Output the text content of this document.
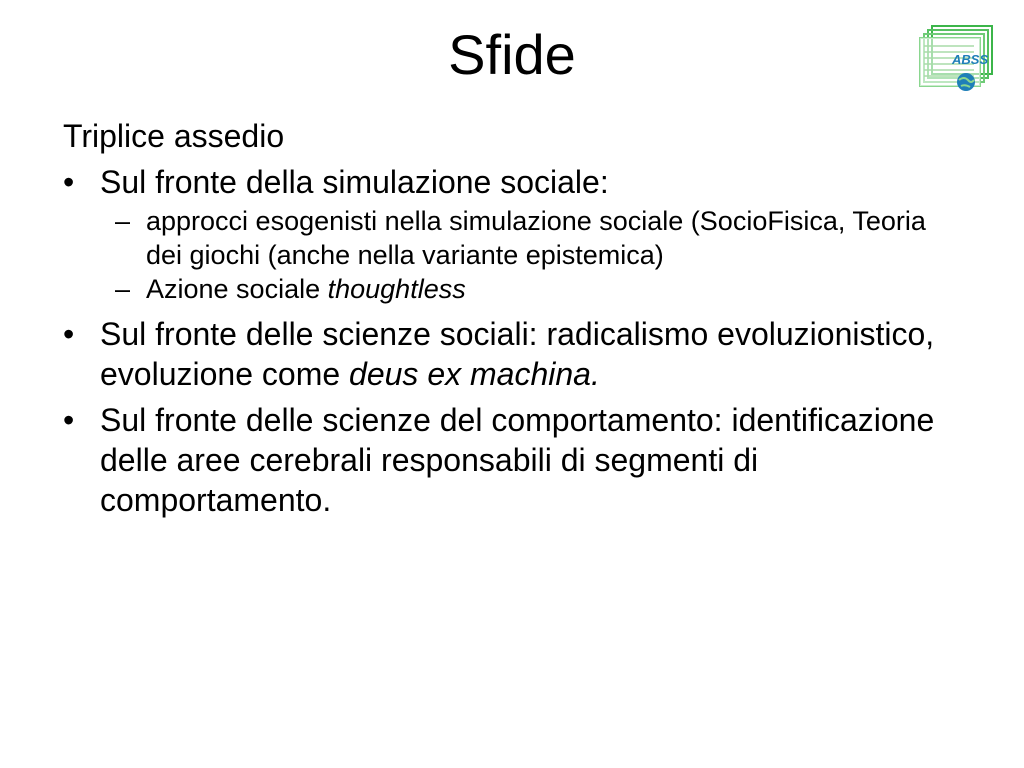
Sfide	ABSS

Triplice assedio

• Sul fronte della simulazione sociale:
– approcci esogenisti nella simulazione sociale (SocioFisica, Teoria dei giochi (anche nella variante epistemica)
– Azione sociale thoughtless
• Sul fronte delle scienze sociali: radicalismo evoluzionistico, evoluzione come deus ex machina.
• Sul fronte delle scienze del comportamento: identificazione delle aree cerebrali responsabili di segmenti di comportamento.
